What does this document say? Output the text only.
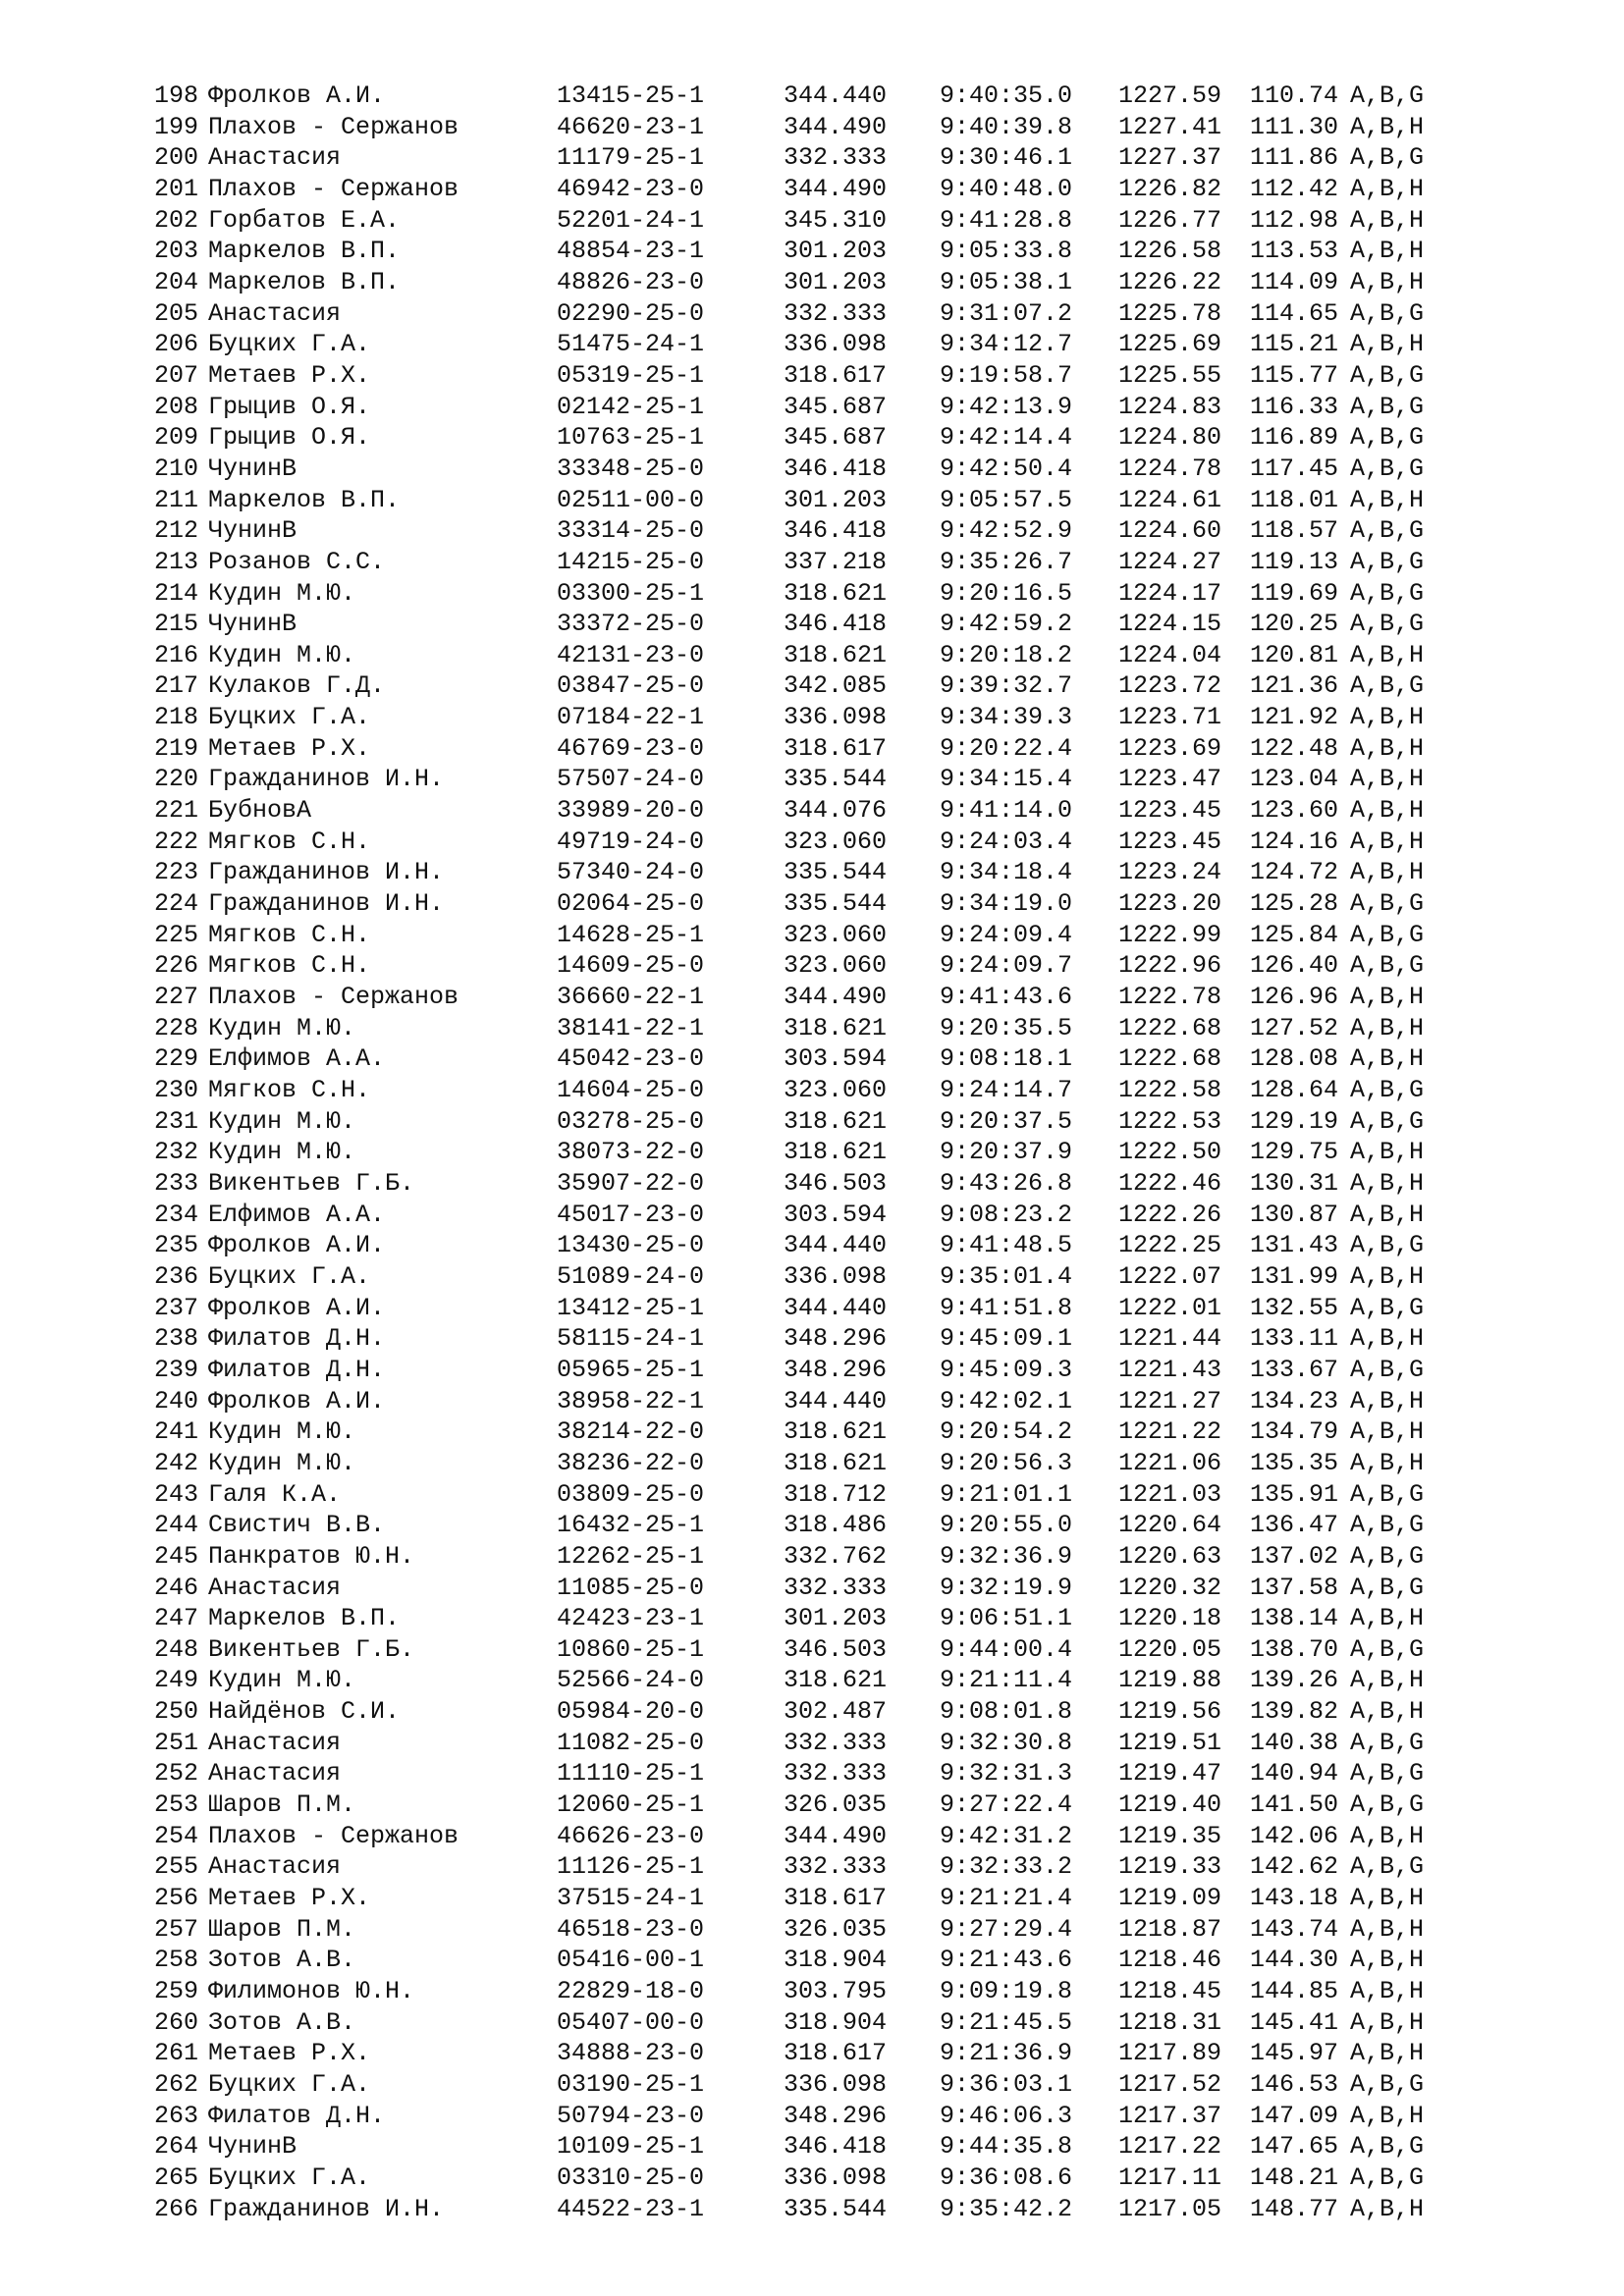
198 Фролков А.И.	13415-25-1	344.440 9:40:35.0 1227.59 110.74 A,B,G
199 Плахов - Сержанов	46620-23-1	344.490 9:40:39.8 1227.41 111.30 A,B,H
200 Анастасия	11179-25-1	332.333 9:30:46.1 1227.37 111.86 A,B,G
201 Плахов - Сержанов	46942-23-0	344.490 9:40:48.0 1226.82 112.42 A,B,H
202 Горбатов Е.А.	52201-24-1	345.310 9:41:28.8 1226.77 112.98 A,B,H
203 Маркелов В.П.	48854-23-1	301.203 9:05:33.8 1226.58 113.53 A,B,H
204 Маркелов В.П.	48826-23-0	301.203 9:05:38.1 1226.22 114.09 A,B,H
205 Анастасия	02290-25-0	332.333 9:31:07.2 1225.78 114.65 A,B,G
206 Буцких Г.А.	51475-24-1	336.098 9:34:12.7 1225.69 115.21 A,B,H
207 Метаев Р.Х.	05319-25-1	318.617 9:19:58.7 1225.55 115.77 A,B,G
208 Грыцив О.Я.	02142-25-1	345.687 9:42:13.9 1224.83 116.33 A,B,G
209 Грыцив О.Я.	10763-25-1	345.687 9:42:14.4 1224.80 116.89 A,B,G
210 ЧунинВ	33348-25-0	346.418 9:42:50.4 1224.78 117.45 A,B,G
211 Маркелов В.П.	02511-00-0	301.203 9:05:57.5 1224.61 118.01 A,B,H
212 ЧунинВ	33314-25-0	346.418 9:42:52.9 1224.60 118.57 A,B,G
213 Розанов С.С.	14215-25-0	337.218 9:35:26.7 1224.27 119.13 A,B,G
214 Кудин М.Ю.	03300-25-1	318.621 9:20:16.5 1224.17 119.69 A,B,G
215 ЧунинВ	33372-25-0	346.418 9:42:59.2 1224.15 120.25 A,B,G
216 Кудин М.Ю.	42131-23-0	318.621 9:20:18.2 1224.04 120.81 A,B,H
217 Кулаков Г.Д.	03847-25-0	342.085 9:39:32.7 1223.72 121.36 A,B,G
218 Буцких Г.А.	07184-22-1	336.098 9:34:39.3 1223.71 121.92 A,B,H
219 Метаев Р.Х.	46769-23-0	318.617 9:20:22.4 1223.69 122.48 A,B,H
220 Гражданинов И.Н.	57507-24-0	335.544 9:34:15.4 1223.47 123.04 A,B,H
221 БубновА	33989-20-0	344.076 9:41:14.0 1223.45 123.60 A,B,H
222 Мягков С.Н.	49719-24-0	323.060 9:24:03.4 1223.45 124.16 A,B,H
223 Гражданинов И.Н.	57340-24-0	335.544 9:34:18.4 1223.24 124.72 A,B,H
224 Гражданинов И.Н.	02064-25-0	335.544 9:34:19.0 1223.20 125.28 A,B,G
225 Мягков С.Н.	14628-25-1	323.060 9:24:09.4 1222.99 125.84 A,B,G
226 Мягков С.Н.	14609-25-0	323.060 9:24:09.7 1222.96 126.40 A,B,G
227 Плахов - Сержанов	36660-22-1	344.490 9:41:43.6 1222.78 126.96 A,B,H
228 Кудин М.Ю.	38141-22-1	318.621 9:20:35.5 1222.68 127.52 A,B,H
229 Елфимов А.А.	45042-23-0	303.594 9:08:18.1 1222.68 128.08 A,B,H
230 Мягков С.Н.	14604-25-0	323.060 9:24:14.7 1222.58 128.64 A,B,G
231 Кудин М.Ю.	03278-25-0	318.621 9:20:37.5 1222.53 129.19 A,B,G
232 Кудин М.Ю.	38073-22-0	318.621 9:20:37.9 1222.50 129.75 A,B,H
233 Викентьев Г.Б.	35907-22-0	346.503 9:43:26.8 1222.46 130.31 A,B,H
234 Елфимов А.А.	45017-23-0	303.594 9:08:23.2 1222.26 130.87 A,B,H
235 Фролков А.И.	13430-25-0	344.440 9:41:48.5 1222.25 131.43 A,B,G
236 Буцких Г.А.	51089-24-0	336.098 9:35:01.4 1222.07 131.99 A,B,H
237 Фролков А.И.	13412-25-1	344.440 9:41:51.8 1222.01 132.55 A,B,G
238 Филатов Д.Н.	58115-24-1	348.296 9:45:09.1 1221.44 133.11 A,B,H
239 Филатов Д.Н.	05965-25-1	348.296 9:45:09.3 1221.43 133.67 A,B,G
240 Фролков А.И.	38958-22-1	344.440 9:42:02.1 1221.27 134.23 A,B,H
241 Кудин М.Ю.	38214-22-0	318.621 9:20:54.2 1221.22 134.79 A,B,H
242 Кудин М.Ю.	38236-22-0	318.621 9:20:56.3 1221.06 135.35 A,B,H
243 Галя К.А.	03809-25-0	318.712 9:21:01.1 1221.03 135.91 A,B,G
244 Свистич В.В.	16432-25-1	318.486 9:20:55.0 1220.64 136.47 A,B,G
245 Панкратов Ю.Н.	12262-25-1	332.762 9:32:36.9 1220.63 137.02 A,B,G
246 Анастасия	11085-25-0	332.333 9:32:19.9 1220.32 137.58 A,B,G
247 Маркелов В.П.	42423-23-1	301.203 9:06:51.1 1220.18 138.14 A,B,H
248 Викентьев Г.Б.	10860-25-1	346.503 9:44:00.4 1220.05 138.70 A,B,G
249 Кудин М.Ю.	52566-24-0	318.621 9:21:11.4 1219.88 139.26 A,B,H
250 Найдёнов С.И.	05984-20-0	302.487 9:08:01.8 1219.56 139.82 A,B,H
251 Анастасия	11082-25-0	332.333 9:32:30.8 1219.51 140.38 A,B,G
252 Анастасия	11110-25-1	332.333 9:32:31.3 1219.47 140.94 A,B,G
253 Шаров П.М.	12060-25-1	326.035 9:27:22.4 1219.40 141.50 A,B,G
254 Плахов - Сержанов	46626-23-0	344.490 9:42:31.2 1219.35 142.06 A,B,H
255 Анастасия	11126-25-1	332.333 9:32:33.2 1219.33 142.62 A,B,G
256 Метаев Р.Х.	37515-24-1	318.617 9:21:21.4 1219.09 143.18 A,B,H
257 Шаров П.М.	46518-23-0	326.035 9:27:29.4 1218.87 143.74 A,B,H
258 Зотов А.В.	05416-00-1	318.904 9:21:43.6 1218.46 144.30 A,B,H
259 Филимонов Ю.Н.	22829-18-0	303.795 9:09:19.8 1218.45 144.85 A,B,H
260 Зотов А.В.	05407-00-0	318.904 9:21:45.5 1218.31 145.41 A,B,H
261 Метаев Р.Х.	34888-23-0	318.617 9:21:36.9 1217.89 145.97 A,B,H
262 Буцких Г.А.	03190-25-1	336.098 9:36:03.1 1217.52 146.53 A,B,G
263 Филатов Д.Н.	50794-23-0	348.296 9:46:06.3 1217.37 147.09 A,B,H
264 ЧунинВ	10109-25-1	346.418 9:44:35.8 1217.22 147.65 A,B,G
265 Буцких Г.А.	03310-25-0	336.098 9:36:08.6 1217.11 148.21 A,B,G
266 Гражданинов И.Н.	44522-23-1	335.544 9:35:42.2 1217.05 148.77 A,B,H
